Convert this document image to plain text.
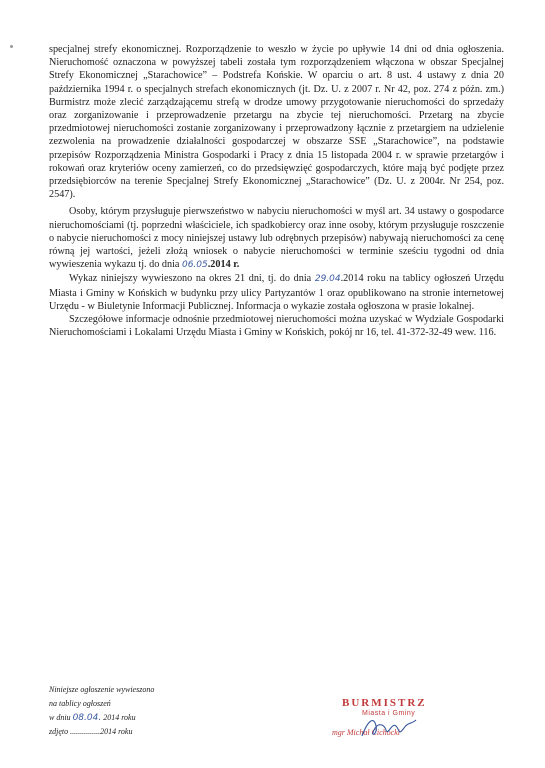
specjalnej strefy ekonomicznej. Rozporządzenie to weszło w życie po upływie 14 dni od dnia ogłoszenia. Nieruchomość oznaczona w powyższej tabeli została tym rozporządzeniem włączona w obszar Specjalnej Strefy Ekonomicznej „Starachowice” – Podstrefa Końskie. W oparciu o art. 8 ust. 4 ustawy z dnia 20 października 1994 r. o specjalnych strefach ekonomicznych (jt. Dz. U. z 2007 r. Nr 42, poz. 274 z późn. zm.) Burmistrz może zlecić zarządzającemu strefą w drodze umowy przygotowanie nieruchomości do sprzedaży oraz zorganizowanie i przeprowadzenie przetargu na zbycie tej nieruchomości. Przetarg na zbycie przedmiotowej nieruchomości zostanie zorganizowany i przeprowadzony łącznie z przetargiem na udzielenie zezwolenia na prowadzenie działalności gospodarczej w obszarze SSE „Starachowice”, na podstawie przepisów Rozporządzenia Ministra Gospodarki i Pracy z dnia 15 listopada 2004 r. w sprawie przetargów i rokowań oraz kryteriów oceny zamierzeń, co do przedsięwzięć gospodarczych, które mają być podjęte przez przedsiębiorców na terenie Specjalnej Strefy Ekonomicznej „Starachowice” (Dz. U. z 2004r. Nr 254, poz. 2547).

Osoby, którym przysługuje pierwszeństwo w nabyciu nieruchomości w myśl art. 34 ustawy o gospodarce nieruchomościami (tj. poprzedni właściciele, ich spadkobiercy oraz inne osoby, którym przysługuje roszczenie o nabycie nieruchomości z mocy niniejszej ustawy lub odrębnych przepisów) nabywają nieruchomości za cenę równą jej wartości, jeżeli złożą wniosek o nabycie nieruchomości w terminie sześciu tygodni od dnia wywieszenia wykazu tj. do dnia 06.05.2014 r.

Wykaz niniejszy wywieszono na okres 21 dni, tj. do dnia 29.04.2014 roku na tablicy ogłoszeń Urzędu Miasta i Gminy w Końskich w budynku przy ulicy Partyzantów 1 oraz opublikowano na stronie internetowej Urzędu - w Biuletynie Informacji Publicznej. Informacja o wykazie została ogłoszona w prasie lokalnej.

Szczegółowe informacje odnośnie przedmiotowej nieruchomości można uzyskać w Wydziale Gospodarki Nieruchomościami i Lokalami Urzędu Miasta i Gminy w Końskich, pokój nr 16, tel. 41-372-32-49 wew. 116.

Niniejsze ogłoszenie wywieszono
na tablicy ogłoszeń
w dniu 08.04. 2014 roku
zdjęto ...............2014 roku
BURMISTRZ
Miasta i Gminy
mgr Michał Cichocki
